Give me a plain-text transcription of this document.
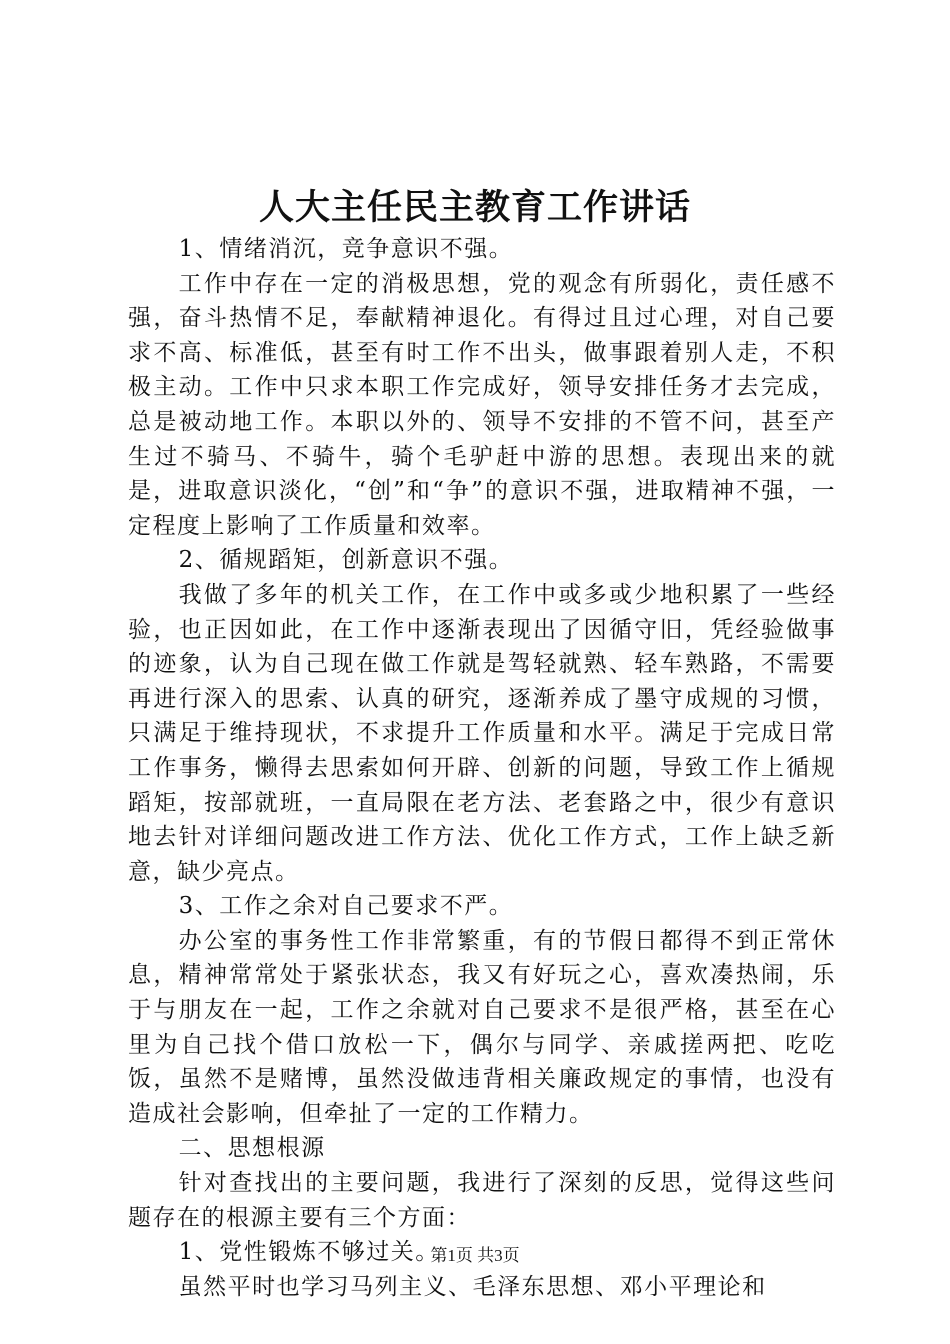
人大主任民主教育工作讲话

1、情绪消沉，竞争意识不强。

工作中存在一定的消极思想，党的观念有所弱化，责任感不强，奋斗热情不足，奉献精神退化。有得过且过心理，对自己要求不高、标准低，甚至有时工作不出头，做事跟着别人走，不积极主动。工作中只求本职工作完成好，领导安排任务才去完成，总是被动地工作。本职以外的、领导不安排的不管不问，甚至产生过不骑马、不骑牛，骑个毛驴赶中游的思想。表现出来的就是，进取意识淡化，“创”和“争”的意识不强，进取精神不强，一定程度上影响了工作质量和效率。

2、循规蹈矩，创新意识不强。

我做了多年的机关工作，在工作中或多或少地积累了一些经验，也正因如此，在工作中逐渐表现出了因循守旧，凭经验做事的迹象，认为自己现在做工作就是驾轻就熟、轻车熟路，不需要再进行深入的思索、认真的研究，逐渐养成了墨守成规的习惯，只满足于维持现状，不求提升工作质量和水平。满足于完成日常工作事务，懒得去思索如何开辟、创新的问题，导致工作上循规蹈矩，按部就班，一直局限在老方法、老套路之中，很少有意识地去针对详细问题改进工作方法、优化工作方式，工作上缺乏新意，缺少亮点。

3、工作之余对自己要求不严。

办公室的事务性工作非常繁重，有的节假日都得不到正常休息，精神常常处于紧张状态，我又有好玩之心，喜欢凑热闹，乐于与朋友在一起，工作之余就对自己要求不是很严格，甚至在心里为自己找个借口放松一下，偶尔与同学、亲戚搓两把、吃吃饭，虽然不是赌博，虽然没做违背相关廉政规定的事情，也没有造成社会影响，但牵扯了一定的工作精力。

二、思想根源

针对查找出的主要问题，我进行了深刻的反思，觉得这些问题存在的根源主要有三个方面：

1、党性锻炼不够过关。

虽然平时也学习马列主义、毛泽东思想、邓小平理论和

第1页 共3页
